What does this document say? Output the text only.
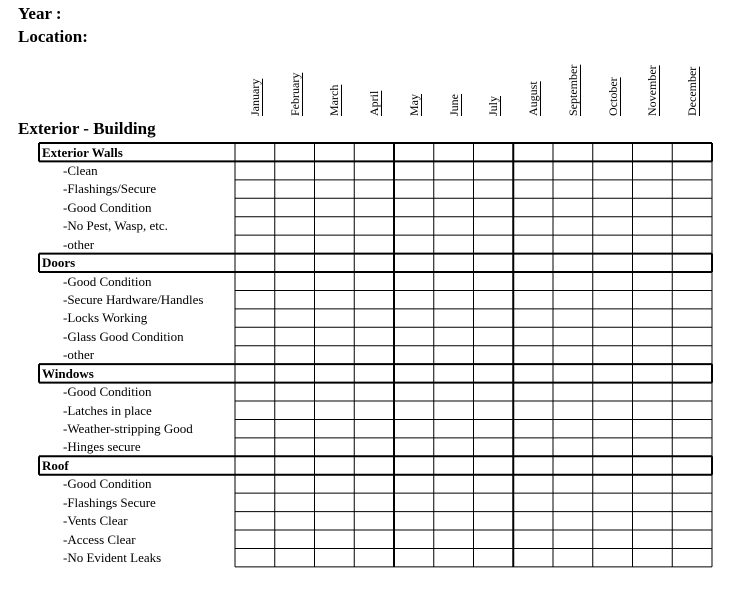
Year :
Location:
Exterior - Building
January February March April May June July August September October November December
Exterior Walls
-Clean
-Flashings/Secure
-Good Condition
-No Pest, Wasp, etc.
-other
Doors
-Good Condition
-Secure Hardware/Handles
-Locks Working
-Glass Good Condition
-other
Windows
-Good Condition
-Latches in place
-Weather-stripping Good
-Hinges secure
Roof
-Good Condition
-Flashings Secure
-Vents Clear
-Access Clear
-No Evident Leaks
